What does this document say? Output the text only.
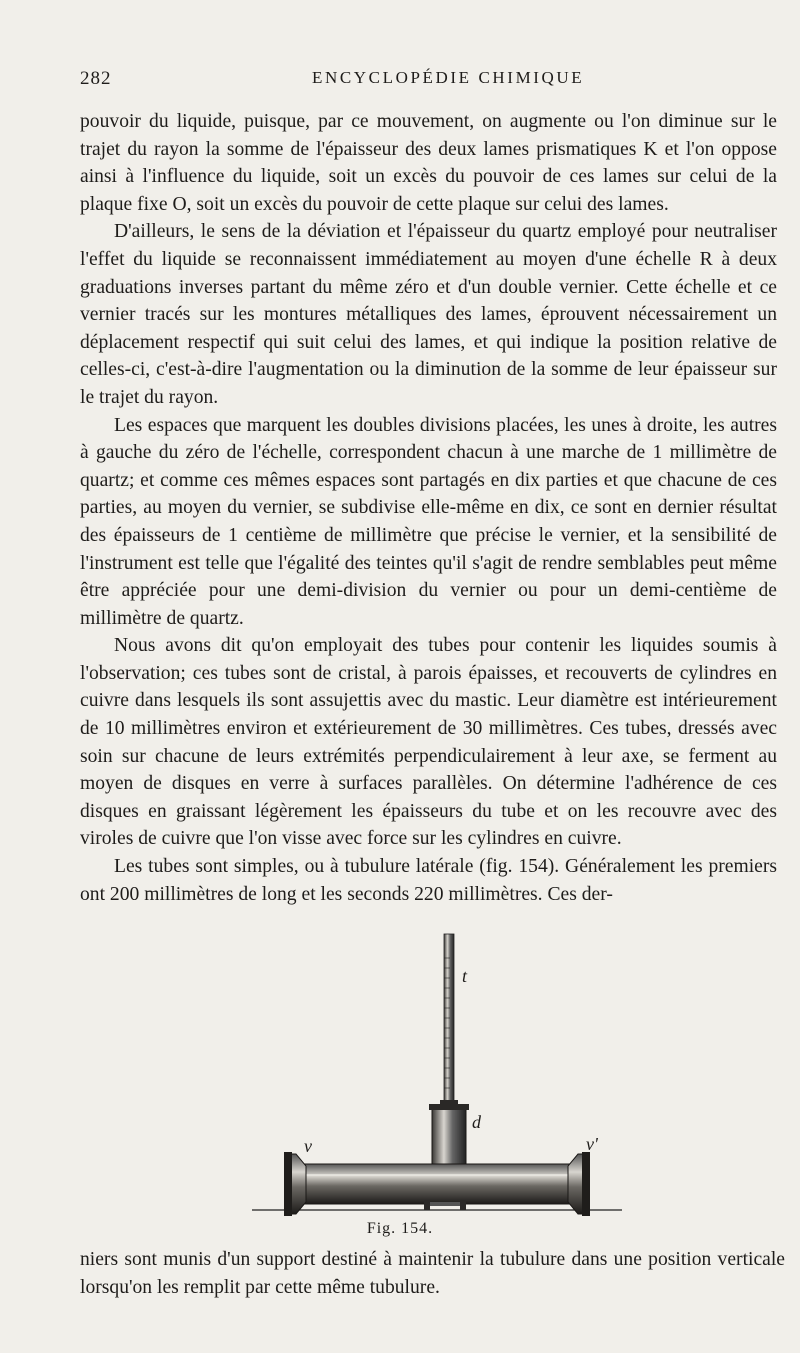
282	ENCYCLOPÉDIE CHIMIQUE

pouvoir du liquide, puisque, par ce mouvement, on augmente ou l'on diminue sur le trajet du rayon la somme de l'épaisseur des deux lames prismatiques K et l'on oppose ainsi à l'influence du liquide, soit un excès du pouvoir de ces lames sur celui de la plaque fixe O, soit un excès du pouvoir de cette plaque sur celui des lames.

D'ailleurs, le sens de la déviation et l'épaisseur du quartz employé pour neutraliser l'effet du liquide se reconnaissent immédiatement au moyen d'une échelle R à deux graduations inverses partant du même zéro et d'un double vernier. Cette échelle et ce vernier tracés sur les montures métalliques des lames, éprouvent nécessairement un déplacement respectif qui suit celui des lames, et qui indique la position relative de celles-ci, c'est-à-dire l'augmentation ou la diminution de la somme de leur épaisseur sur le trajet du rayon.

Les espaces que marquent les doubles divisions placées, les unes à droite, les autres à gauche du zéro de l'échelle, correspondent chacun à une marche de 1 millimètre de quartz; et comme ces mêmes espaces sont partagés en dix parties et que chacune de ces parties, au moyen du vernier, se subdivise elle-même en dix, ce sont en dernier résultat des épaisseurs de 1 centième de millimètre que précise le vernier, et la sensibilité de l'instrument est telle que l'égalité des teintes qu'il s'agit de rendre semblables peut même être appréciée pour une demi-division du vernier ou pour un demi-centième de millimètre de quartz.

Nous avons dit qu'on employait des tubes pour contenir les liquides soumis à l'observation; ces tubes sont de cristal, à parois épaisses, et recouverts de cylindres en cuivre dans lesquels ils sont assujettis avec du mastic. Leur diamètre est intérieurement de 10 millimètres environ et extérieurement de 30 millimètres. Ces tubes, dressés avec soin sur chacune de leurs extrémités perpendiculairement à leur axe, se ferment au moyen de disques en verre à surfaces parallèles. On détermine l'adhérence de ces disques en graissant légèrement les épaisseurs du tube et on les recouvre avec des viroles de cuivre que l'on visse avec force sur les cylindres en cuivre.

Les tubes sont simples, ou à tubulure latérale (fig. 154). Généralement les premiers ont 200 millimètres de long et les seconds 220 millimètres. Ces der-

t
d
v	v'
Fig. 154.

niers sont munis d'un support destiné à maintenir la tubulure dans une position verticale lorsqu'on les remplit par cette même tubulure.
